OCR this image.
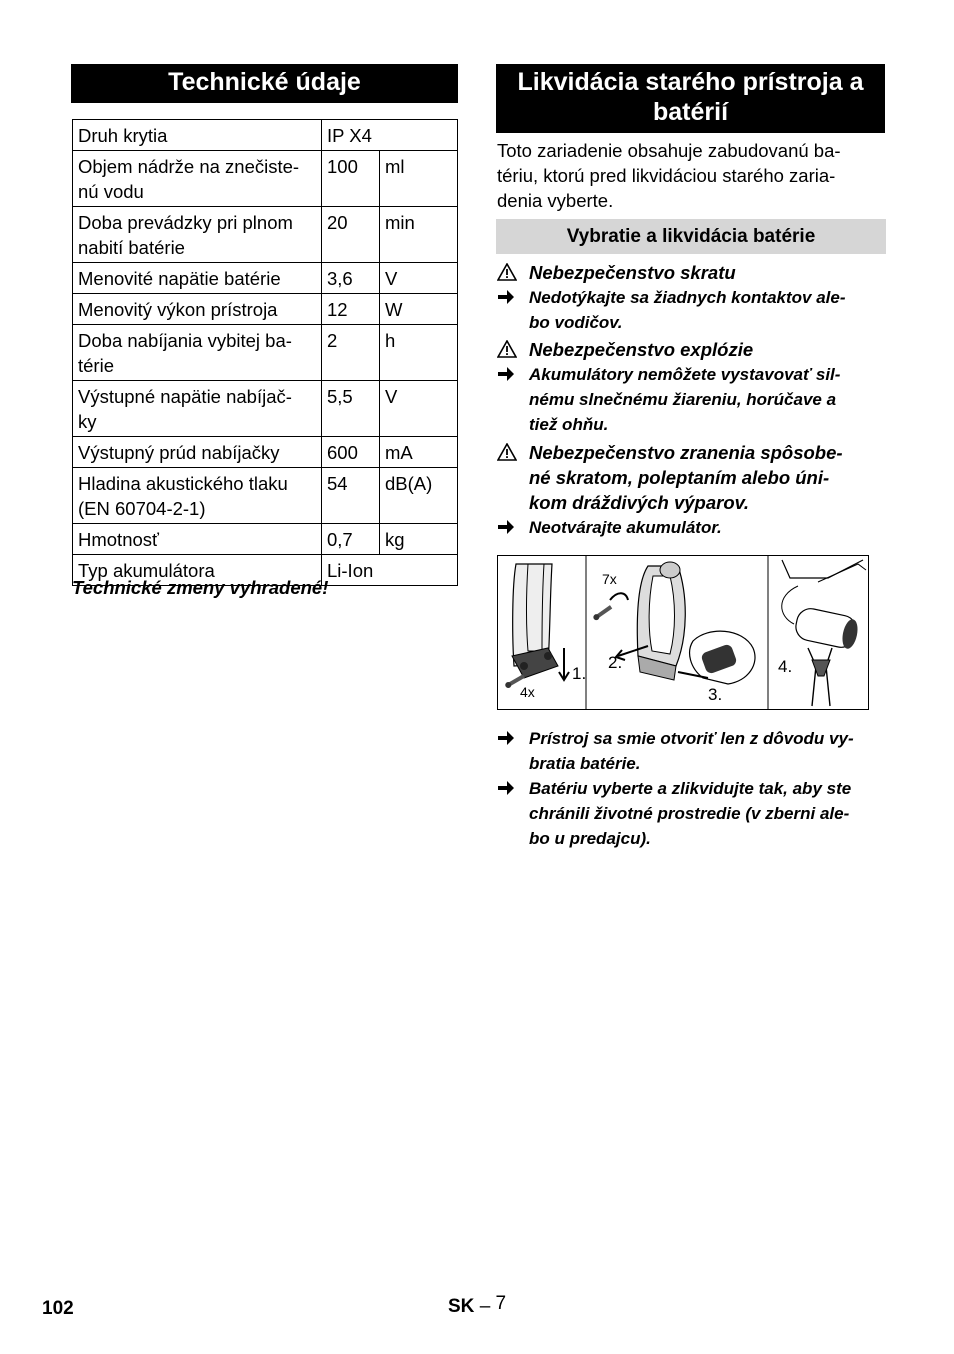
Technické údaje
Druh krytia	IP X4	
Objem nádrže na znečiste-
nú vodu	100	ml
Doba prevádzky pri plnom
nabití batérie	20	min
Menovité napätie batérie	3,6	V
Menovitý výkon prístroja	12	W
Doba nabíjania vybitej ba-
térie	2	h
Výstupné napätie nabíjač-
ky	5,5	V
Výstupný prúd nabíjačky	600	mA
Hladina akustického tlaku
(EN 60704-2-1)	54	dB(A)
Hmotnosť	0,7	kg
Typ akumulátora	Li-Ion	
Technické zmeny vyhradené!
Likvidácia starého prístroja a
batérií
Toto zariadenie obsahuje zabudovanú ba-
tériu, ktorú pred likvidáciou starého zaria-
denia vyberte.
Vybratie a likvidácia batérie
Nebezpečenstvo skratu
Nedotýkajte sa žiadnych kontaktov ale-
bo vodičov.
Nebezpečenstvo explózie
Akumulátory nemôžete vystavovať sil-
nému slnečnému žiareniu, horúčave a
tiež ohňu.
Nebezpečenstvo zranenia spôsobe-
né skratom, poleptaním alebo úni-
kom dráždivých výparov.
Neotvárajte akumulátor.
1.
4x
7x
2.
3.
4.
Prístroj sa smie otvoriť len z dôvodu vy-
bratia batérie.
Batériu vyberte a zlikvidujte tak, aby ste
chránili životné prostredie (v zberni ale-
bo u predajcu).
102	SK – 7
